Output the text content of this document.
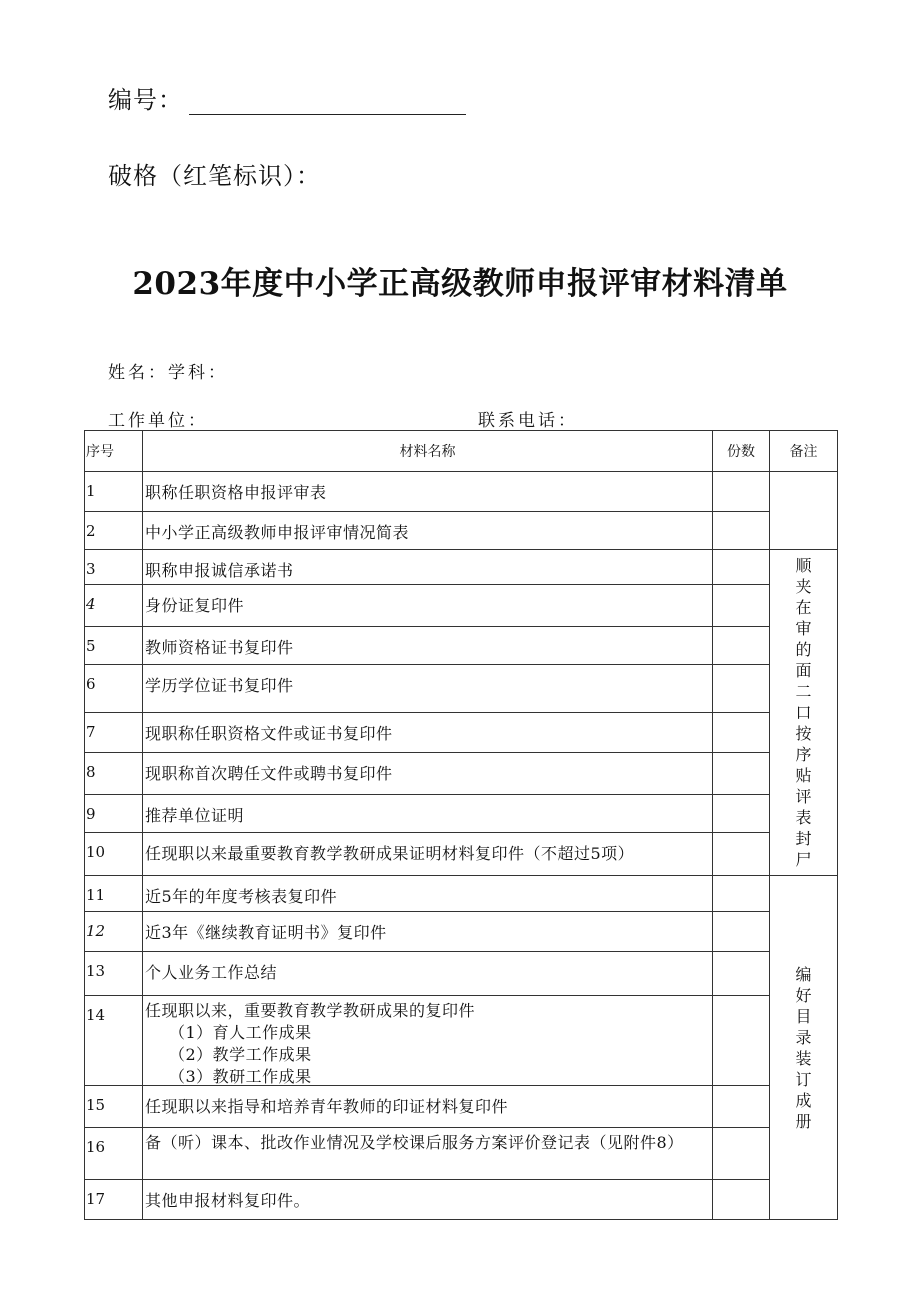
编号：
破格（红笔标识）：
2023年度中小学正高级教师申报评审材料清单
姓名：学科：
工作单位：	联系电话：
序号	材料名称	份数	备注
1	职称任职资格申报评审表		
2	中小学正高级教师申报评审情况简表		
3	职称申报诚信承诺书		顺夹在审的面二口按序贴评表封尸
4	身份证复印件		
5	教师资格证书复印件		
6	学历学位证书复印件		
7	现职称任职资格文件或证书复印件		
8	现职称首次聘任文件或聘书复印件		
9	推荐单位证明		
10	任现职以来最重要教育教学教研成果证明材料复印件（不超过5项）		
11	近5年的年度考核表复印件		编好目录装订成册
12	近3年《继续教育证明书》复印件		
13	个人业务工作总结		
14	任现职以来，重要教育教学教研成果的复印件
（1）育人工作成果
（2）教学工作成果
（3）教研工作成果		

15	任现职以来指导和培养青年教师的印证材料复印件		
16	备（听）课本、批改作业情况及学校课后服务方案评价登记表（见附件8）		
17	其他申报材料复印件。		
